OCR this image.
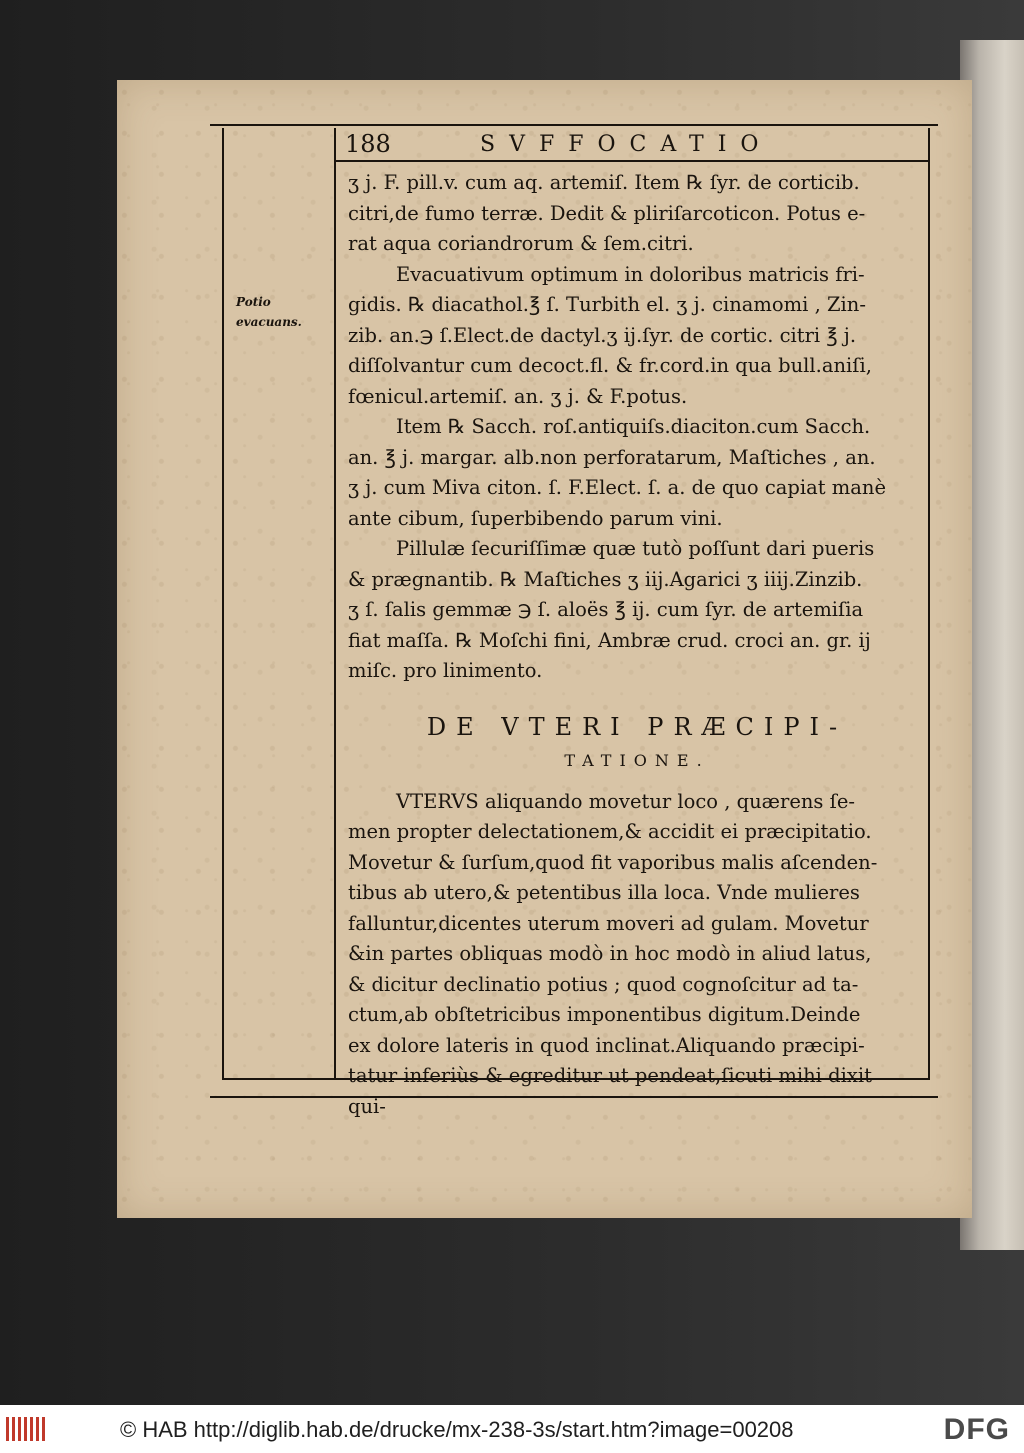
188	SVFFOCATIO
Potio evacuans.

ʒ j. F. pill.v. cum aq. artemiſ. Item ℞ ſyr. de corticib.

citri,de fumo terræ. Dedit & pliriſarcoticon. Potus e-

rat aqua coriandrorum & ſem.citri.

Evacuativum optimum in doloribus matricis fri-

gidis. ℞ diacathol.℥ ſ. Turbith el. ʒ j. cinamomi , Zin-

zib. an.℈ ſ.Elect.de dactyl.ʒ ij.ſyr. de cortic. citri ℥ j.

diſſolvantur cum decoct.fl. & fr.cord.in qua bull.aniſi,

fœnicul.artemiſ. an. ʒ j. & F.potus.

Item ℞ Sacch. roſ.antiquiſs.diaciton.cum Sacch.

an. ℥ j. margar. alb.non perforatarum, Maſtiches , an.

ʒ j. cum Miva citon. ſ. F.Elect. ſ. a. de quo capiat manè

ante cibum, ſuperbibendo parum vini.

Pillulæ ſecuriſſimæ quæ tutò poſſunt dari pueris

& prægnantib. ℞ Maſtiches ʒ iij.Agarici ʒ iiij.Zinzib.

ʒ ſ. ſalis gemmæ ℈ ſ. aloës ℥ ij. cum ſyr. de artemiſia

fiat maſſa. ℞ Moſchi fini, Ambræ crud. croci an. gr. ij

miſc. pro linimento.

DE VTERI PRÆCIPI-
TATIONE.

VTERVS aliquando movetur loco , quærens ſe-

men propter delectationem,& accidit ei præcipitatio.

Movetur & ſurſum,quod fit vaporibus malis aſcenden-

tibus ab utero,& petentibus illa loca. Vnde mulieres

falluntur,dicentes uterum moveri ad gulam. Movetur

&in partes obliquas modò in hoc modò in aliud latus,

& dicitur declinatio potius ; quod cognoſcitur ad ta-

ctum,ab obſtetricibus imponentibus digitum.Deinde

ex dolore lateris in quod inclinat.Aliquando præcipi-

tatur inferiùs & egreditur ut pendeat,ſicuti mihi dixit

qui-

© HAB http://diglib.hab.de/drucke/mx-238-3s/start.htm?image=00208	DFG
